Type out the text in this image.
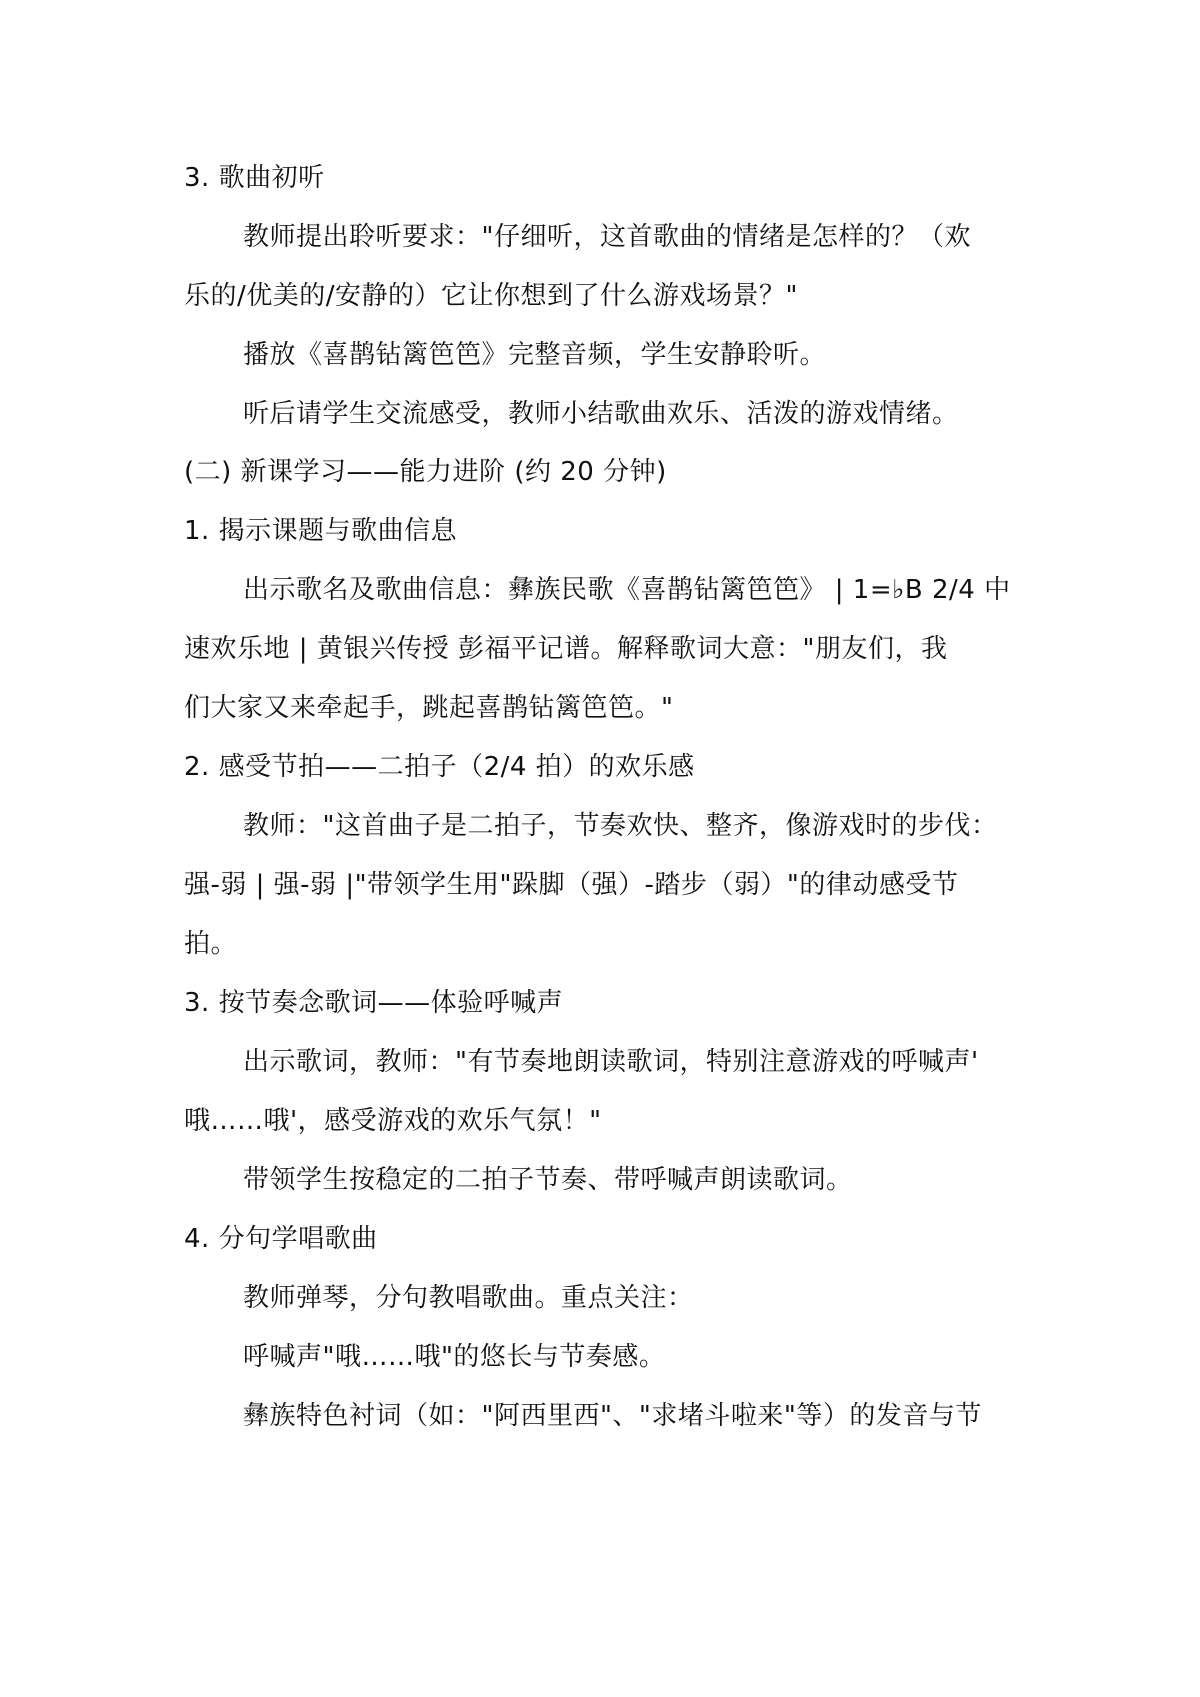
3. 歌曲初听
教师提出聆听要求："仔细听，这首歌曲的情绪是怎样的？（欢
乐的/优美的/安静的）它让你想到了什么游戏场景？"
播放《喜鹊钻篱笆笆》完整音频，学生安静聆听。
听后请学生交流感受，教师小结歌曲欢乐、活泼的游戏情绪。
(二) 新课学习——能力进阶 (约 20 分钟)
1. 揭示课题与歌曲信息
出示歌名及歌曲信息：彝族民歌《喜鹊钻篱笆笆》 | 1=♭B 2/4 中
速欢乐地 | 黄银兴传授 彭福平记谱。解释歌词大意："朋友们，我
们大家又来牵起手，跳起喜鹊钻篱笆笆。"
2. 感受节拍——二拍子（2/4 拍）的欢乐感
教师："这首曲子是二拍子，节奏欢快、整齐，像游戏时的步伐：
强-弱 | 强-弱 |"带领学生用"跺脚（强）-踏步（弱）"的律动感受节
拍。
3. 按节奏念歌词——体验呼喊声
出示歌词，教师："有节奏地朗读歌词，特别注意游戏的呼喊声'
哦……哦'，感受游戏的欢乐气氛！"
带领学生按稳定的二拍子节奏、带呼喊声朗读歌词。
4. 分句学唱歌曲
教师弹琴，分句教唱歌曲。重点关注：
呼喊声"哦……哦"的悠长与节奏感。
彝族特色衬词（如："阿西里西"、"求堵斗啦来"等）的发音与节
